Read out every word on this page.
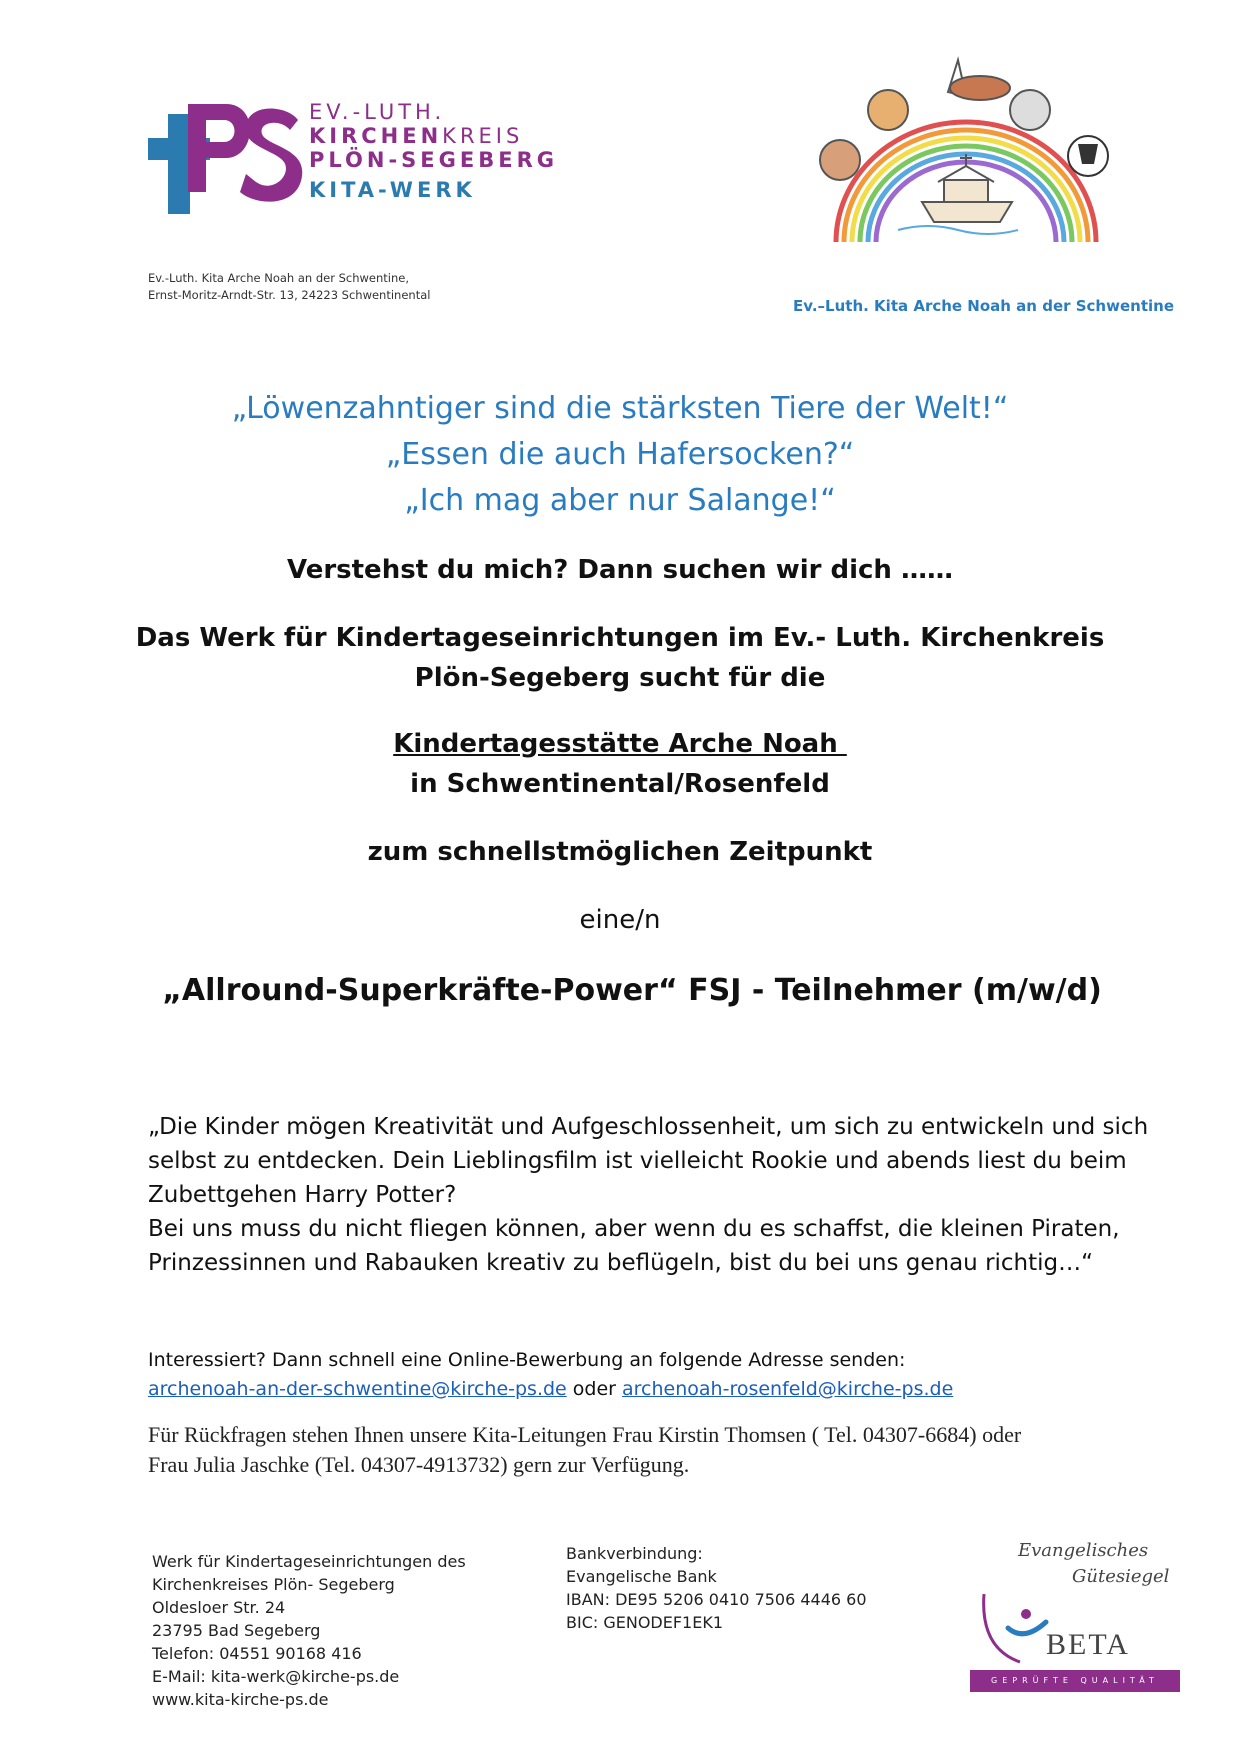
EV.-LUTH.
KIRCHENKREIS
PLÖN-SEGEBERG
KITA-WERK
Ev.-Luth. Kita Arche Noah an der Schwentine,
Ernst-Moritz-Arndt-Str. 13, 24223 Schwentinental
Ev.–Luth. Kita Arche Noah an der Schwentine
„Löwenzahntiger sind die stärksten Tiere der Welt!“
„Essen die auch Hafersocken?“
„Ich mag aber nur Salange!“
Verstehst du mich? Dann suchen wir dich ……
Das Werk für Kindertageseinrichtungen im Ev.- Luth. Kirchenkreis
Plön-Segeberg sucht für die
Kindertagesstätte Arche Noah
in Schwentinental/Rosenfeld
zum schnellstmöglichen Zeitpunkt
eine/n
„Allround-Superkräfte-Power“ FSJ - Teilnehmer (m/w/d)
„Die Kinder mögen Kreativität und Aufgeschlossenheit, um sich zu entwickeln und sich
selbst zu entdecken. Dein Lieblingsfilm ist vielleicht Rookie und abends liest du beim
Zubettgehen Harry Potter?
Bei uns muss du nicht fliegen können, aber wenn du es schaffst, die kleinen Piraten,
Prinzessinnen und Rabauken kreativ zu beflügeln, bist du bei uns genau richtig…“
Interessiert? Dann schnell eine Online-Bewerbung an folgende Adresse senden:
archenoah-an-der-schwentine@kirche-ps.de oder archenoah-rosenfeld@kirche-ps.de
Für Rückfragen stehen Ihnen unsere Kita-Leitungen Frau Kirstin Thomsen ( Tel. 04307-6684) oder
Frau Julia Jaschke (Tel. 04307-4913732) gern zur Verfügung.
Werk für Kindertageseinrichtungen des
Kirchenkreises Plön- Segeberg
Oldesloer Str. 24
23795 Bad Segeberg
Telefon: 04551 90168 416
E-Mail: kita-werk@kirche-ps.de
www.kita-kirche-ps.de
Bankverbindung:
Evangelische Bank
IBAN: DE95 5206 0410 7506 4446 60
BIC: GENODEF1EK1
Evangelisches
Gütesiegel
BETA
GEPRÜFTE QUALITÄT
